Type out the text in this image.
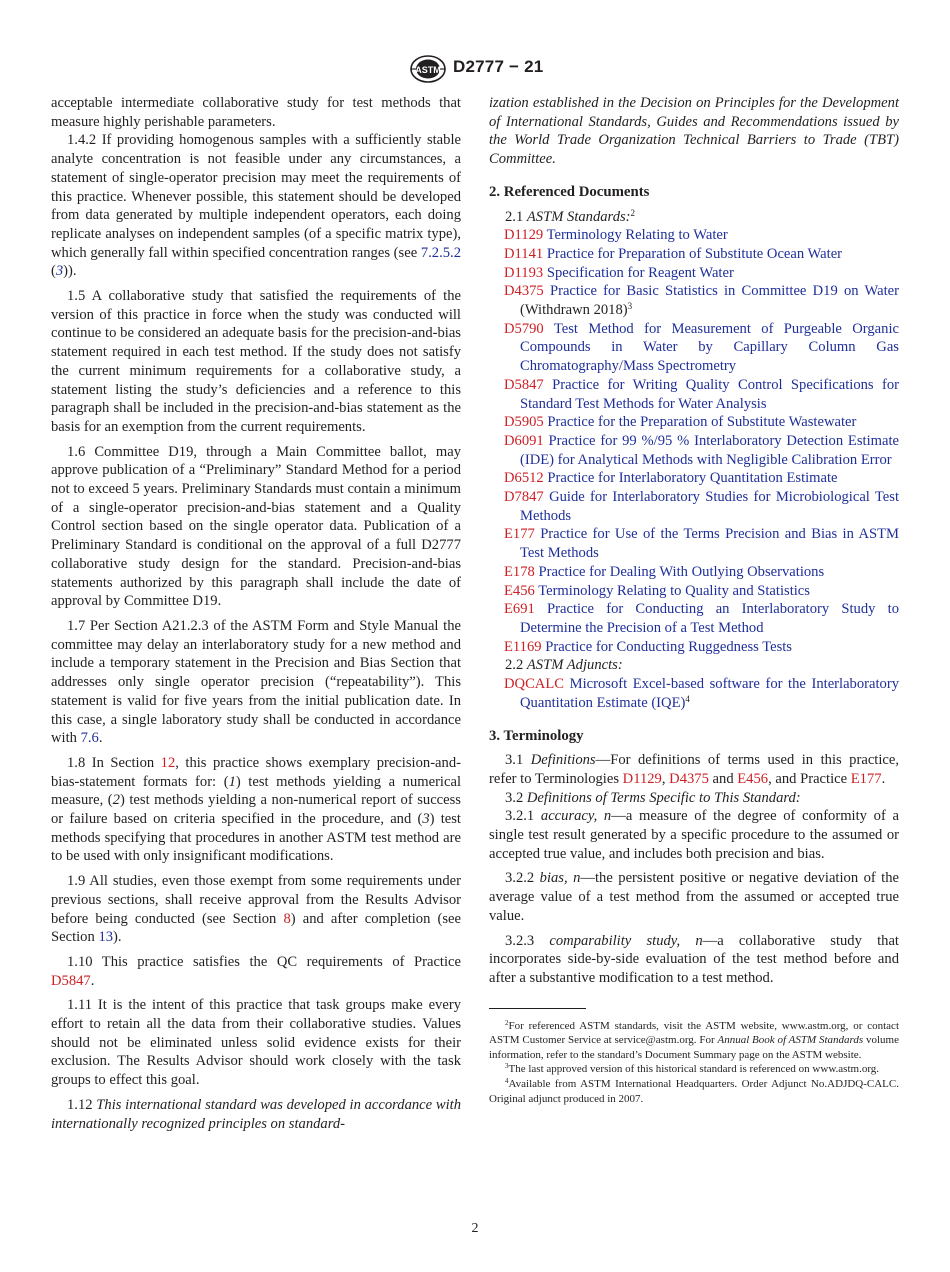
ASTM D2777 − 21

acceptable intermediate collaborative study for test methods that measure highly perishable parameters.

1.4.2 If providing homogenous samples with a sufficiently stable analyte concentration is not feasible under any circumstances, a statement of single-operator precision may meet the requirements of this practice. Whenever possible, this statement should be developed from data generated by multiple independent operators, each doing replicate analyses on independent samples (of a specific matrix type), which generally fall within specified concentration ranges (see 7.2.5.2 (3)).

1.5 A collaborative study that satisfied the requirements of the version of this practice in force when the study was conducted will continue to be considered an adequate basis for the precision-and-bias statement required in each test method. If the study does not satisfy the current minimum requirements for a collaborative study, a statement listing the study’s deficiencies and a reference to this paragraph shall be included in the precision-and-bias statement as the basis for an exemption from the current requirements.

1.6 Committee D19, through a Main Committee ballot, may approve publication of a “Preliminary” Standard Method for a period not to exceed 5 years. Preliminary Standards must contain a minimum of a single-operator precision-and-bias statement and a Quality Control section based on the single operator data. Publication of a Preliminary Standard is conditional on the approval of a full D2777 collaborative study design for the standard. Precision-and-bias statements authorized by this paragraph shall include the date of approval by Committee D19.

1.7 Per Section A21.2.3 of the ASTM Form and Style Manual the committee may delay an interlaboratory study for a new method and include a temporary statement in the Precision and Bias Section that addresses only single operator precision (“repeatability”). This statement is valid for five years from the initial publication date. In this case, a single laboratory study shall be conducted in accordance with 7.6.

1.8 In Section 12, this practice shows exemplary precision-and-bias-statement formats for: (1) test methods yielding a numerical measure, (2) test methods yielding a non-numerical report of success or failure based on criteria specified in the procedure, and (3) test methods specifying that procedures in another ASTM test method are to be used with only insignificant modifications.

1.9 All studies, even those exempt from some requirements under previous sections, shall receive approval from the Results Advisor before being conducted (see Section 8) and after completion (see Section 13).

1.10 This practice satisfies the QC requirements of Practice D5847.

1.11 It is the intent of this practice that task groups make every effort to retain all the data from their collaborative studies. Values should not be eliminated unless solid evidence exists for their exclusion. The Results Advisor should work closely with the task groups to effect this goal.

1.12 This international standard was developed in accordance with internationally recognized principles on standard-

ization established in the Decision on Principles for the Development of International Standards, Guides and Recommendations issued by the World Trade Organization Technical Barriers to Trade (TBT) Committee.

2. Referenced Documents

2.1 ASTM Standards:$^2$

D1129 Terminology Relating to Water

D1141 Practice for Preparation of Substitute Ocean Water

D1193 Specification for Reagent Water

D4375 Practice for Basic Statistics in Committee D19 on Water (Withdrawn 2018)$^3$

D5790 Test Method for Measurement of Purgeable Organic Compounds in Water by Capillary Column Gas Chromatography/Mass Spectrometry

D5847 Practice for Writing Quality Control Specifications for Standard Test Methods for Water Analysis

D5905 Practice for the Preparation of Substitute Wastewater

D6091 Practice for 99 %/95 % Interlaboratory Detection Estimate (IDE) for Analytical Methods with Negligible Calibration Error

D6512 Practice for Interlaboratory Quantitation Estimate

D7847 Guide for Interlaboratory Studies for Microbiological Test Methods

E177 Practice for Use of the Terms Precision and Bias in ASTM Test Methods

E178 Practice for Dealing With Outlying Observations

E456 Terminology Relating to Quality and Statistics

E691 Practice for Conducting an Interlaboratory Study to Determine the Precision of a Test Method

E1169 Practice for Conducting Ruggedness Tests

2.2 ASTM Adjuncts:

DQCALC Microsoft Excel-based software for the Interlaboratory Quantitation Estimate (IQE)$^4$

3. Terminology

3.1 Definitions—For definitions of terms used in this practice, refer to Terminologies D1129, D4375 and E456, and Practice E177.

3.2 Definitions of Terms Specific to This Standard:

3.2.1 accuracy, n—a measure of the degree of conformity of a single test result generated by a specific procedure to the assumed or accepted true value, and includes both precision and bias.

3.2.2 bias, n—the persistent positive or negative deviation of the average value of a test method from the assumed or accepted true value.

3.2.3 comparability study, n—a collaborative study that incorporates side-by-side evaluation of the test method before and after a substantive modification to a test method.

$^2$For referenced ASTM standards, visit the ASTM website, www.astm.org, or contact ASTM Customer Service at service@astm.org. For Annual Book of ASTM Standards volume information, refer to the standard’s Document Summary page on the ASTM website.

$^3$The last approved version of this historical standard is referenced on www.astm.org.

$^4$Available from ASTM International Headquarters. Order Adjunct No.ADJDQ-CALC. Original adjunct produced in 2007.

2
